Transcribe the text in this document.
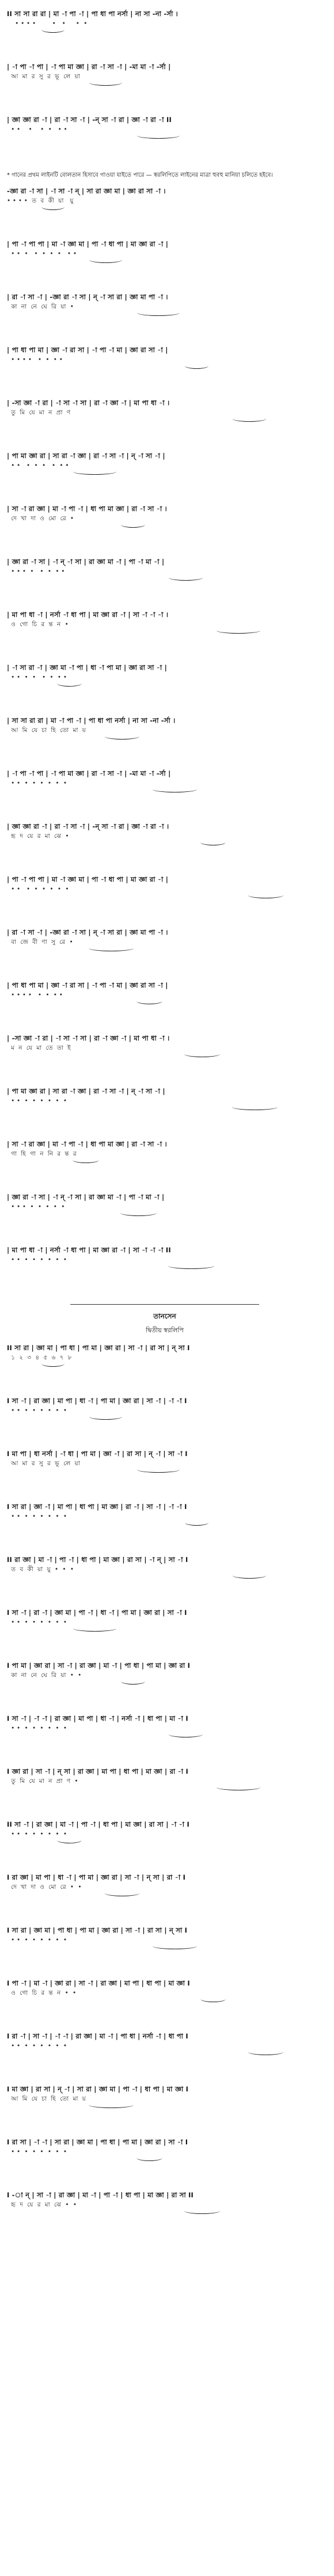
II সা সা রা রা | মা -া পা -া | পা ধা পা নর্সা | না সা -না -র্সা ।
• • • •        •   •     •  •
| -া পা -া পা | -া পা মা জ্ঞা | রা -া সা -া | -মা মা -া -র্সা |
আ  মা  র  সু  র  ভূ  লে  য়া
| জ্ঞা জ্ঞা রা -া | রা -া সা -া | -ন্ সা -া রা | জ্ঞা -া রা -া II
• •    •    •  •   • •
* গানের প্রথম লাইনটি বোলতান হিসাবে গাওয়া যাইতে পারে — স্বরলিপিতে লাইনের মাত্রা হুবহু মানিয়া চলিতে হইবে।
-জ্ঞা রা -া সা | -া সা -া ন্ | সা রা জ্ঞা মা | জ্ঞা রা সা -া ।
• • • •  ত  ব  কী  য়া   য়ু
| পা -া পা পা | মা -া জ্ঞা মা | পা -া ধা পা | মা জ্ঞা রা -া |
• •  •   •  •  •  •   • •
| রা -া সা -া | -জ্ঞা রা -া সা | ন্ -া সা রা | জ্ঞা মা পা -া ।
কা  না  নে  ঘে  রি  য়া  •
| পা ধা পা মা | জ্ঞা -া রা সা | -া পা -া মা | জ্ঞা রা সা -া |
• • • •   •  •  • •
| -সা জ্ঞা -া রা | -া সা -া সা | রা -া জ্ঞা -া | মা পা ধা -া ।
তু  মি  যে  মা  ন  প্রা  ণ
| পা মা জ্ঞা রা | সা রা -া জ্ঞা | রা -া সা -া | ন্ -া সা -া |
• •   •  •  •   •  • •
| সা -া রা জ্ঞা | মা -া পা -া | ধা পা মা জ্ঞা | রা -া সা -া ।
দে  খা  দা  ও  মো  রে  •
| জ্ঞা রা -া সা | -া ন্ -া সা | রা জ্ঞা মা -া | পা -া মা -া |
• • •  •   •  •  • •
| মা পা ধা -া | নর্সা -া ধা পা | মা জ্ঞা রা -া | সা -া -া -া ।
ও  গো  চি  র  ন্ত  ন  •
| -া সা রা -া | জ্ঞা মা -া পা | ধা -া পা মা | জ্ঞা রা সা -া |
• •  •  •   •  •  • •
| সা সা রা রা | মা -া পা -া | পা ধা পা নর্সা | না সা -না -র্সা ।
আ  মি  যে  চা  হি  তো  মা  য়
| -া পা -া পা | -া পা মা জ্ঞা | রা -া সা -া | -মা মা -া -র্সা |
• •  •  •  •  •  •  •
| জ্ঞা জ্ঞা রা -া | রা -া সা -া | -ন্ সা -া রা | জ্ঞা -া রা -া ।
হৃ  দ  য়ে  র  মা  ঝে  •
| পা -া পা পা | মা -া জ্ঞা মা | পা -া ধা পা | মা জ্ঞা রা -া |
• •   •  •  •  •  •  •
| রা -া সা -া | -জ্ঞা রা -া সা | ন্ -া সা রা | জ্ঞা মা পা -া ।
বা  জে  বী  ণা  সু  রে  •
| পা ধা পা মা | জ্ঞা -া রা সা | -া পা -া মা | জ্ঞা রা সা -া |
• • • •   •  •  • •
| -সা জ্ঞা -া রা | -া সা -া সা | রা -া জ্ঞা -া | মা পা ধা -া ।
ম  ন  যে  মা  তে  তা  ই
| পা মা জ্ঞা রা | সা রা -া জ্ঞা | রা -া সা -া | ন্ -া সা -া |
• •  •  •  •  •  •  •
| সা -া রা জ্ঞা | মা -া পা -া | ধা পা মা জ্ঞা | রা -া সা -া ।
গা  হি  গা  ন  নি  র  ন্ত  র
| জ্ঞা রা -া সা | -া ন্ -া সা | রা জ্ঞা মা -া | পা -া মা -া |
• • •  •  •  •  •  •
| মা পা ধা -া | নর্সা -া ধা পা | মা জ্ঞা রা -া | সা -া -া -া II
• •  •  •  •  •  •  •
তানসেন
দ্বিতীয় স্বরলিপি
II সা রা | জ্ঞা মা | পা ধা | পা মা | জ্ঞা রা | সা -া | রা সা | ন্ সা I
১  ২  ৩  ৪  ৫  ৬  ৭  ৮
I সা -া | রা জ্ঞা | মা পা | ধা -া | পা মা | জ্ঞা রা | সা -া | -া -া I
• •  •  •  •  •  •  •
I মা পা | ধা নর্সা | -া ধা | পা মা | জ্ঞা -া | রা সা | ন্ -া | সা -া I
আ  মা  র  সু  র  ভূ  লে  য়া
I সা রা | জ্ঞা -া | মা পা | ধা পা | মা জ্ঞা | রা -া | সা -া | -া -া I
• •  •  •  •  •  •  •
II রা জ্ঞা | মা -া | পা -া | ধা পা | মা জ্ঞা | রা সা | -া ন্ | সা -া I
ত  ব  কী  য়া  য়ু  •  •  •
I সা -া | রা -া | জ্ঞা মা | পা -া | ধা -া | পা মা | জ্ঞা রা | সা -া I
• •  •  •  •  •  •  •
I পা মা | জ্ঞা রা | সা -া | রা জ্ঞা | মা -া | পা ধা | পা মা | জ্ঞা রা I
কা  না  নে  ঘে  রি  য়া  •  •
I সা -া | -া -া | রা জ্ঞা | মা পা | ধা -া | নর্সা -া | ধা পা | মা -া I
• •  •  •  •  •  •  •
I জ্ঞা রা | সা -া | ন্ সা | রা জ্ঞা | মা পা | ধা পা | মা জ্ঞা | রা -া I
তু  মি  যে  মা  ন  প্রা  ণ  •
II সা -া | রা জ্ঞা | মা -া | পা -া | ধা পা | মা জ্ঞা | রা সা | -া -া I
• •  •  •  •  •  •  •
I রা জ্ঞা | মা পা | ধা -া | পা মা | জ্ঞা রা | সা -া | ন্ সা | রা -া I
দে  খা  দা  ও  মো  রে  •  •
I সা রা | জ্ঞা মা | পা ধা | পা মা | জ্ঞা রা | সা -া | রা সা | ন্ সা I
• •  •  •  •  •  •  •
I পা -া | মা -া | জ্ঞা রা | সা -া | রা জ্ঞা | মা পা | ধা পা | মা জ্ঞা I
ও  গো  চি  র  ন্ত  ন  •  •
I রা -া | সা -া | -া -া | রা জ্ঞা | মা -া | পা ধা | নর্সা -া | ধা পা I
• •  •  •  •  •  •  •
I মা জ্ঞা | রা সা | ন্ -া | সা রা | জ্ঞা মা | পা -া | ধা পা | মা জ্ঞা I
আ  মি  যে  চা  হি  তো  মা  য়
I রা সা | -া -া | সা রা | জ্ঞা মা | পা ধা | পা মা | জ্ঞা রা | সা -া I
• •  •  •  •  •  •  •
I -া ন্ | সা -া | রা জ্ঞা | মা -া | পা -া | ধা পা | মা জ্ঞা | রা সা II
হৃ  দ  য়ে  র  মা  ঝে  •  •
